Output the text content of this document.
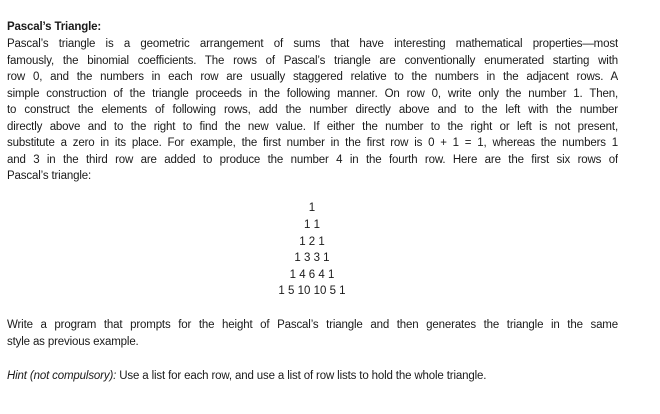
Pascal’s Triangle:
Pascal’s triangle is a geometric arrangement of sums that have interesting mathematical properties—most
famously, the binomial coefficients. The rows of Pascal’s triangle are conventionally enumerated starting with
row 0, and the numbers in each row are usually staggered relative to the numbers in the adjacent rows. A
simple construction of the triangle proceeds in the following manner. On row 0, write only the number 1. Then,
to construct the elements of following rows, add the number directly above and to the left with the number
directly above and to the right to find the new value. If either the number to the right or left is not present,
substitute a zero in its place. For example, the first number in the first row is 0 + 1 = 1, whereas the numbers 1
and 3 in the third row are added to produce the number 4 in the fourth row. Here are the first six rows of
Pascal’s triangle:
1
1 1
1 2 1
1 3 3 1
1 4 6 4 1
1 5 10 10 5 1
Write a program that prompts for the height of Pascal’s triangle and then generates the triangle in the same
style as previous example.
Hint (not compulsory): Use a list for each row, and use a list of row lists to hold the whole triangle.
